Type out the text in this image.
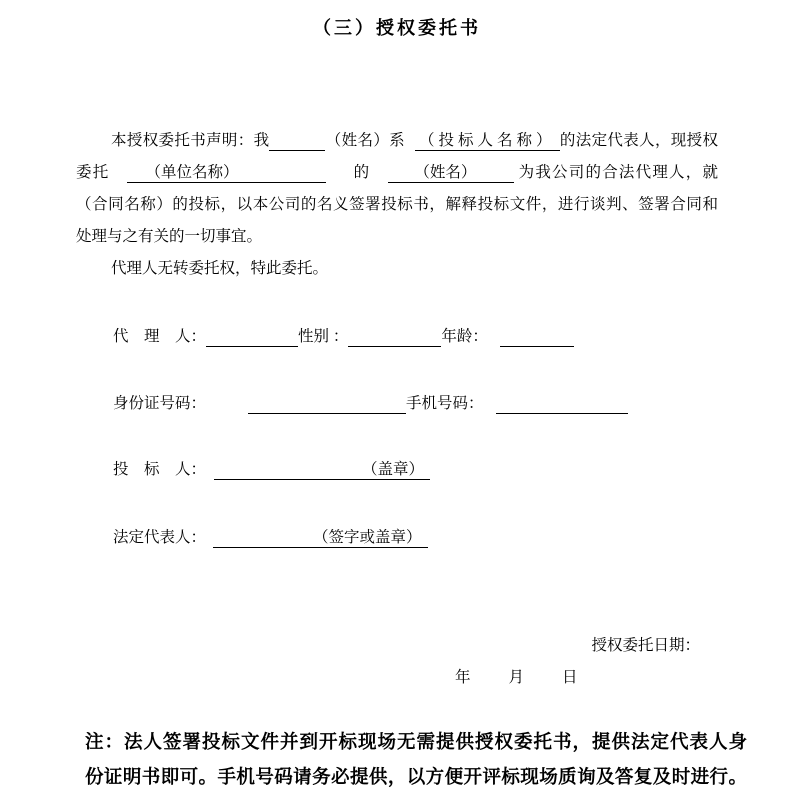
（三）授权委托书
本授权委托书声明：我 ​	（姓名）系 （投标人名称） 的法定代表人，现授权
委托 （单位名称）	的	（姓名）	为我公司的合法代理人，就
（合同名称）的投标，以本公司的名义签署投标书，解释投标文件，进行谈判、签署合同和
处理与之有关的一切事宜。
代理人无转委托权，特此委托。
代　理　人： ​	性别 ： ​	年龄：​
身份证号码： ​	手机号码：​
投　标　人：	（盖章）
法定代表人：	（签字或盖章）
授权委托日期：
年 月 日
注：法人签署投标文件并到开标现场无需提供授权委托书，提供法定代表人身
份证明书即可。手机号码请务必提供，以方便开评标现场质询及答复及时进行。
